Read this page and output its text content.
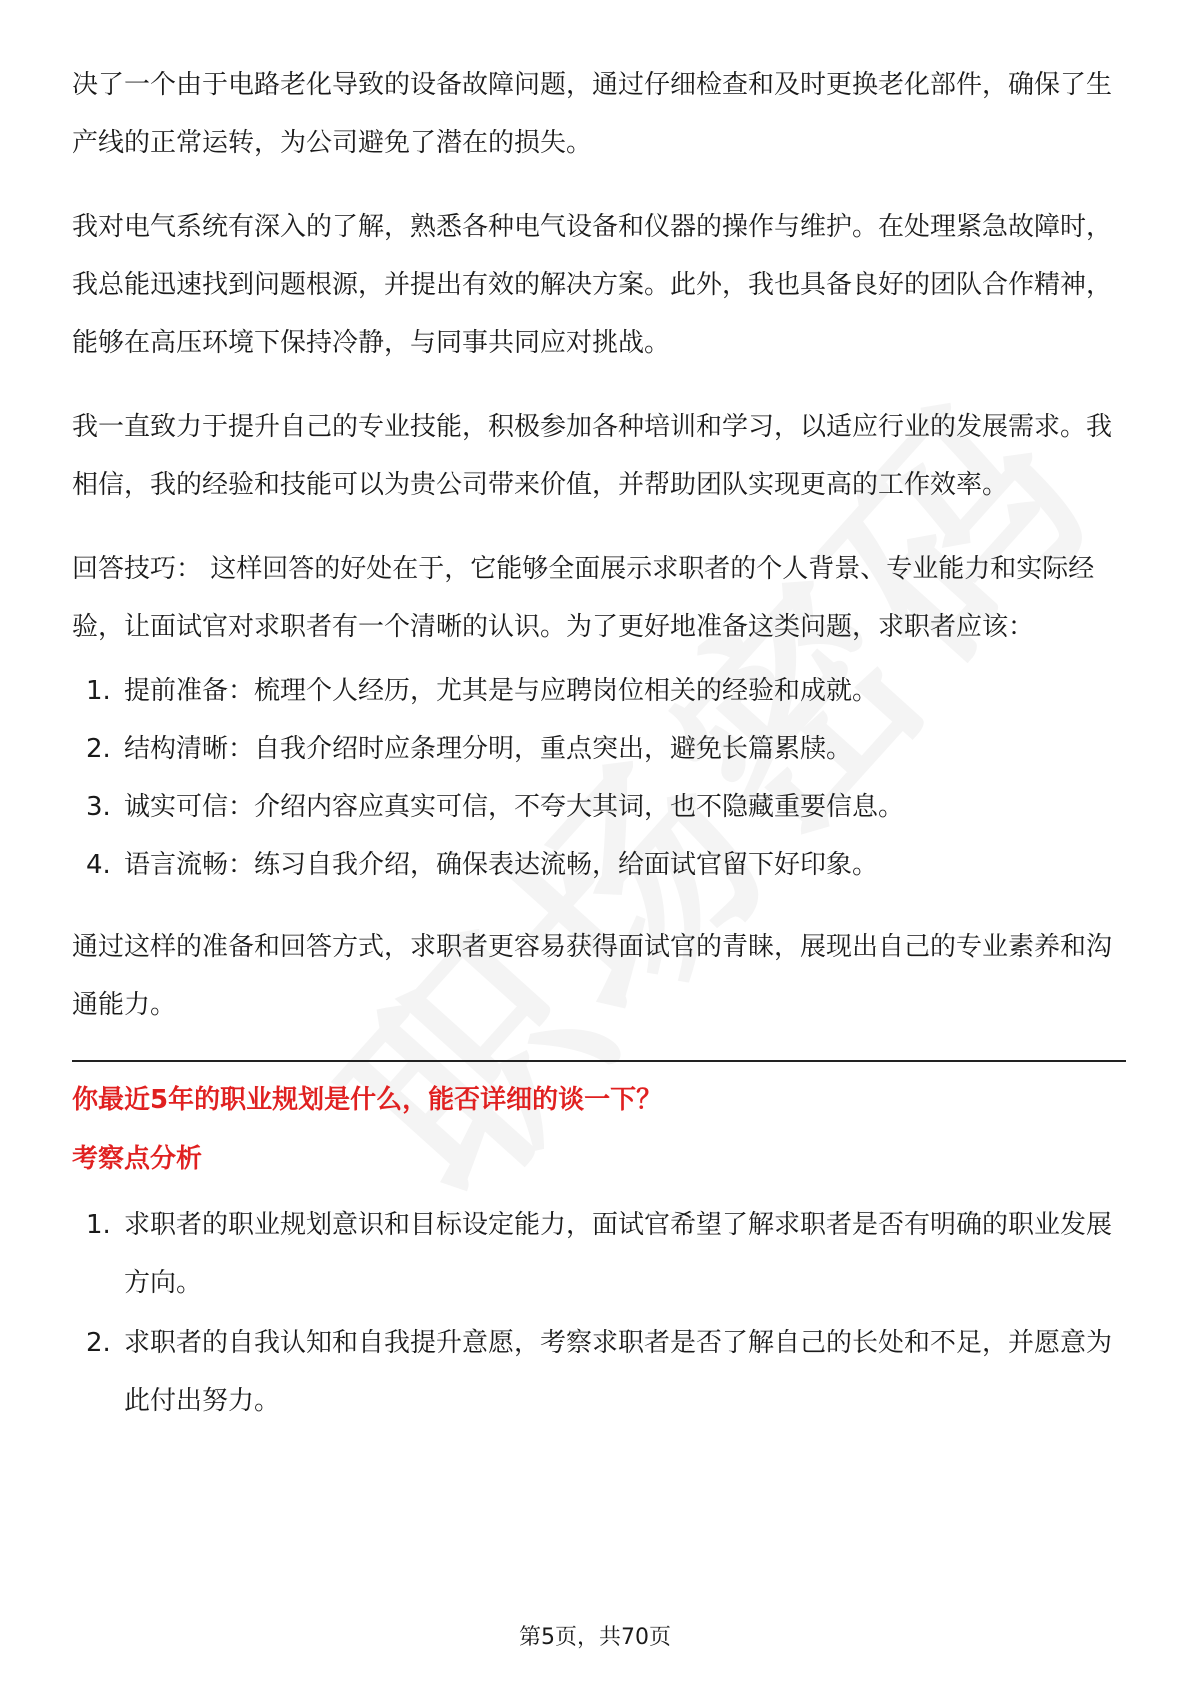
决了一个由于电路老化导致的设备故障问题，通过仔细检查和及时更换老化部件，确保了生产线的正常运转，为公司避免了潜在的损失。

我对电气系统有深入的了解，熟悉各种电气设备和仪器的操作与维护。在处理紧急故障时，我总能迅速找到问题根源，并提出有效的解决方案。此外，我也具备良好的团队合作精神，能够在高压环境下保持冷静，与同事共同应对挑战。

我一直致力于提升自己的专业技能，积极参加各种培训和学习，以适应行业的发展需求。我相信，我的经验和技能可以为贵公司带来价值，并帮助团队实现更高的工作效率。

回答技巧： 这样回答的好处在于，它能够全面展示求职者的个人背景、专业能力和实际经验，让面试官对求职者有一个清晰的认识。为了更好地准备这类问题，求职者应该：

1. 提前准备：梳理个人经历，尤其是与应聘岗位相关的经验和成就。
2. 结构清晰：自我介绍时应条理分明，重点突出，避免长篇累牍。
3. 诚实可信：介绍内容应真实可信，不夸大其词，也不隐藏重要信息。
4. 语言流畅：练习自我介绍，确保表达流畅，给面试官留下好印象。

通过这样的准备和回答方式，求职者更容易获得面试官的青睐，展现出自己的专业素养和沟通能力。

你最近5年的职业规划是什么，能否详细的谈一下？
考察点分析
1. 求职者的职业规划意识和目标设定能力，面试官希望了解求职者是否有明确的职业发展方向。
2. 求职者的自我认知和自我提升意愿，考察求职者是否了解自己的长处和不足，并愿意为此付出努力。
第5页，共70页
